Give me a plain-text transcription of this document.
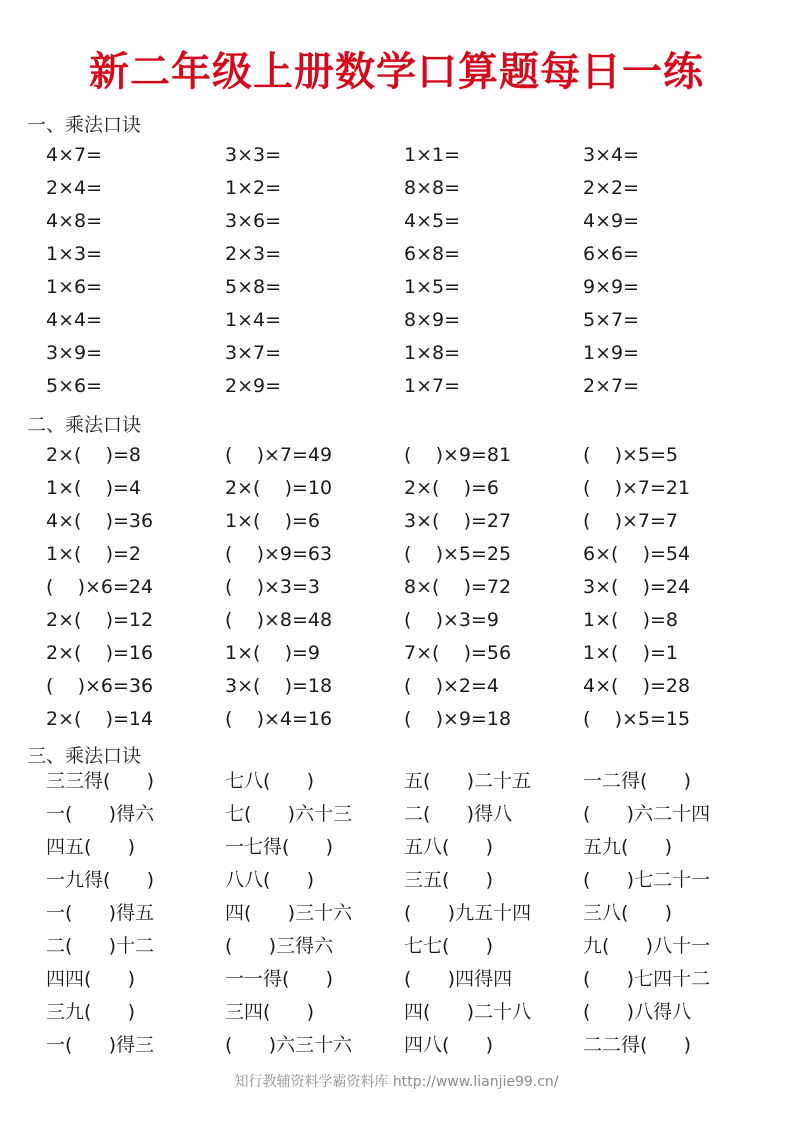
新二年级上册数学口算题每日一练
一、乘法口诀
4×7=	3×3=	1×1=	3×4=
2×4=	1×2=	8×8=	2×2=
4×8=	3×6=	4×5=	4×9=
1×3=	2×3=	6×8=	6×6=
1×6=	5×8=	1×5=	9×9=
4×4=	1×4=	8×9=	5×7=
3×9=	3×7=	1×8=	1×9=
5×6=	2×9=	1×7=	2×7=
二、乘法口诀
2×(    )=8	(    )×7=49	(    )×9=81	(    )×5=5
1×(    )=4	2×(    )=10	2×(    )=6	(    )×7=21
4×(    )=36	1×(    )=6	3×(    )=27	(    )×7=7
1×(    )=2	(    )×9=63	(    )×5=25	6×(    )=54
(    )×6=24	(    )×3=3	8×(    )=72	3×(    )=24
2×(    )=12	(    )×8=48	(    )×3=9	1×(    )=8
2×(    )=16	1×(    )=9	7×(    )=56	1×(    )=1
(    )×6=36	3×(    )=18	(    )×2=4	4×(    )=28
2×(    )=14	(    )×4=16	(    )×9=18	(    )×5=15
三、乘法口诀
三三得(      )	七八(      )	五(      )二十五	一二得(      )
一(      )得六	七(      )六十三	二(      )得八	(      )六二十四
四五(      )	一七得(      )	五八(      )	五九(      )
一九得(      )	八八(      )	三五(      )	(      )七二十一
一(      )得五	四(      )三十六	(      )九五十四	三八(      )
二(      )十二	(      )三得六	七七(      )	九(      )八十一
四四(      )	一一得(      )	(      )四得四	(      )七四十二
三九(      )	三四(      )	四(      )二十八	(      )八得八
一(      )得三	(      )六三十六	四八(      )	二二得(      )
知行教辅资料学霸资料库 http://www.lianjie99.cn/
